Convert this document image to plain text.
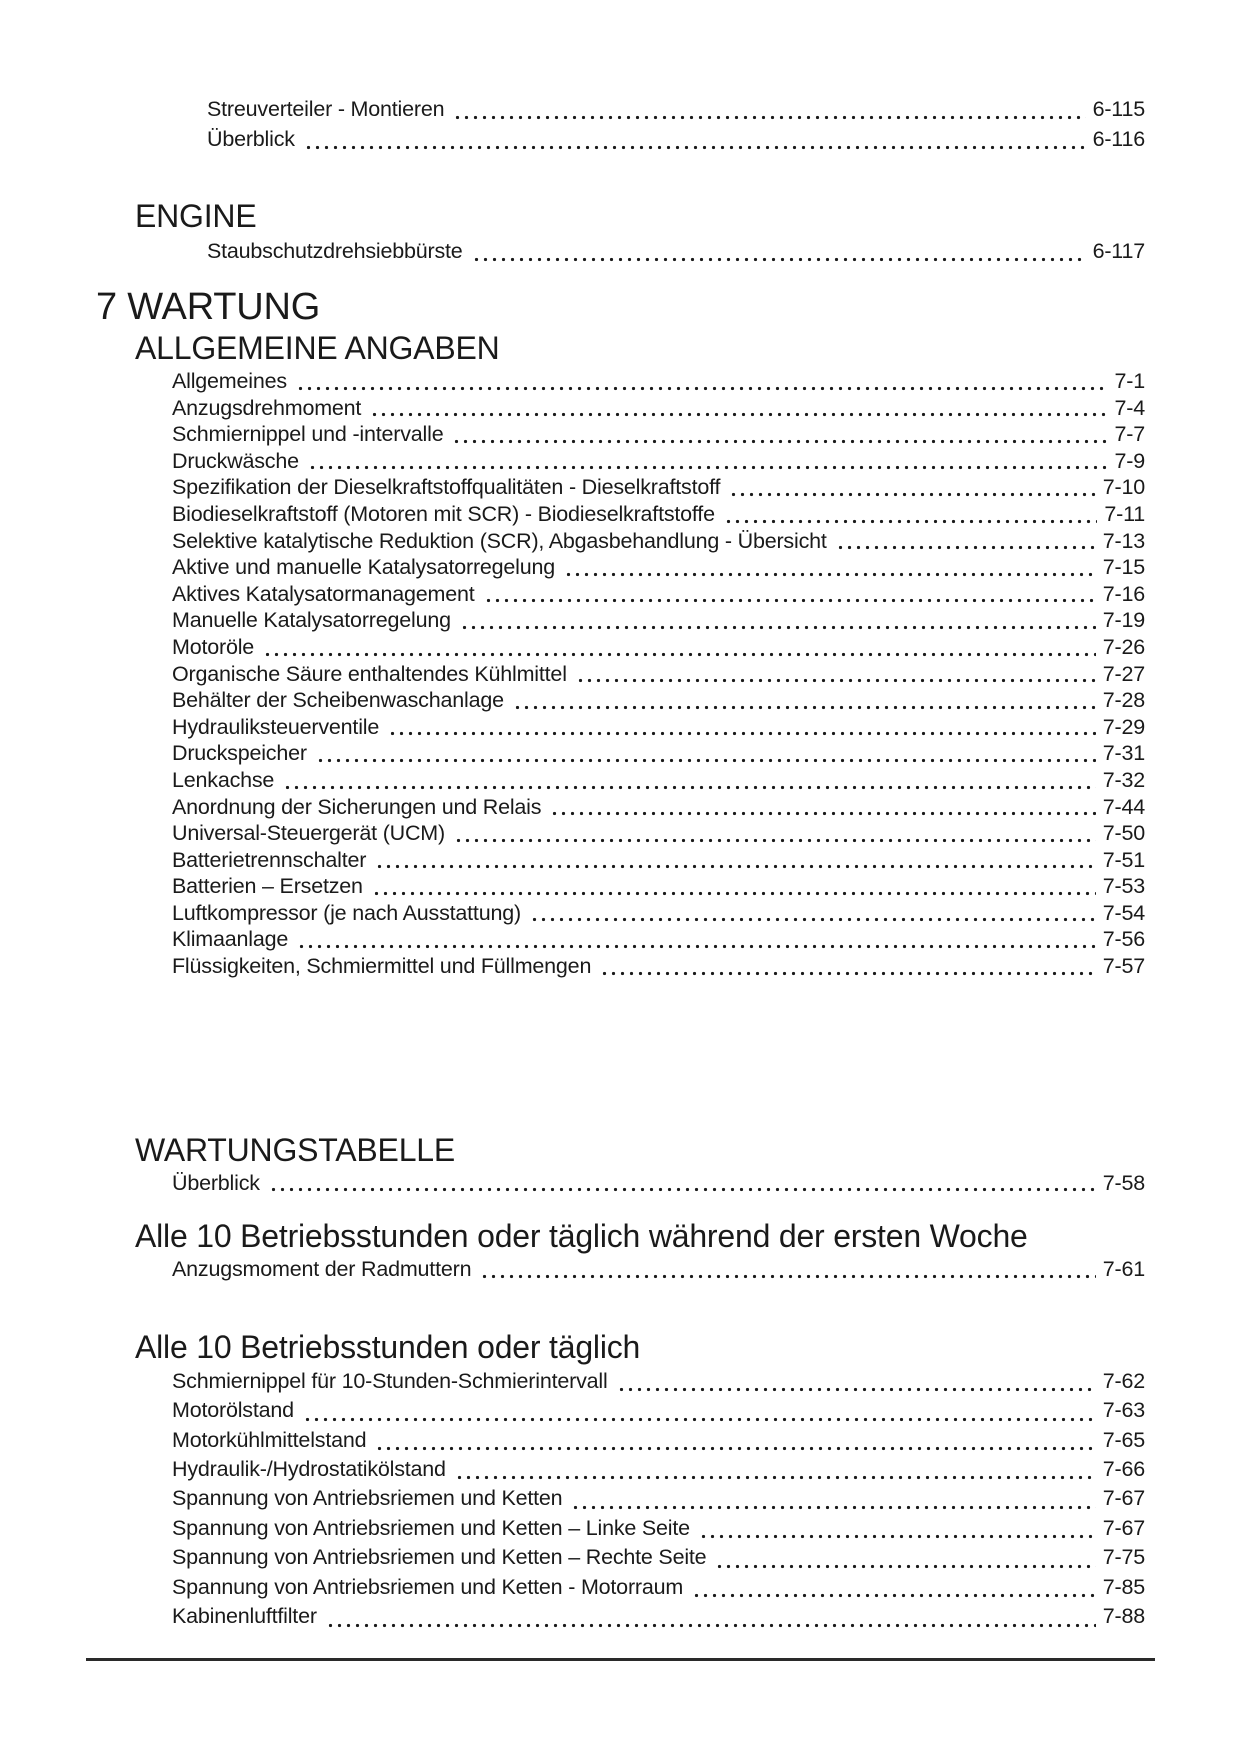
Streuverteiler - Montieren	6-115
Überblick	6-116
ENGINE
Staubschutzdrehsiebbürste	6-117
7 WARTUNG
ALLGEMEINE ANGABEN
Allgemeines	7-1
Anzugsdrehmoment	7-4
Schmiernippel und -intervalle	7-7
Druckwäsche	7-9
Spezifikation der Dieselkraftstoffqualitäten - Dieselkraftstoff	7-10
Biodieselkraftstoff (Motoren mit SCR) - Biodieselkraftstoffe	7-11
Selektive katalytische Reduktion (SCR), Abgasbehandlung - Übersicht	7-13
Aktive und manuelle Katalysatorregelung	7-15
Aktives Katalysatormanagement	7-16
Manuelle Katalysatorregelung	7-19
Motoröle	7-26
Organische Säure enthaltendes Kühlmittel	7-27
Behälter der Scheibenwaschanlage	7-28
Hydrauliksteuerventile	7-29
Druckspeicher	7-31
Lenkachse	7-32
Anordnung der Sicherungen und Relais	7-44
Universal-Steuergerät (UCM)	7-50
Batterietrennschalter	7-51
Batterien – Ersetzen	7-53
Luftkompressor (je nach Ausstattung)	7-54
Klimaanlage	7-56
Flüssigkeiten, Schmiermittel und Füllmengen	7-57
WARTUNGSTABELLE
Überblick	7-58
Alle 10 Betriebsstunden oder täglich während der ersten Woche
Anzugsmoment der Radmuttern	7-61
Alle 10 Betriebsstunden oder täglich
Schmiernippel für 10-Stunden-Schmierintervall	7-62
Motorölstand	7-63
Motorkühlmittelstand	7-65
Hydraulik-/Hydrostatikölstand	7-66
Spannung von Antriebsriemen und Ketten	7-67
Spannung von Antriebsriemen und Ketten – Linke Seite	7-67
Spannung von Antriebsriemen und Ketten – Rechte Seite	7-75
Spannung von Antriebsriemen und Ketten - Motorraum	7-85
Kabinenluftfilter	7-88
